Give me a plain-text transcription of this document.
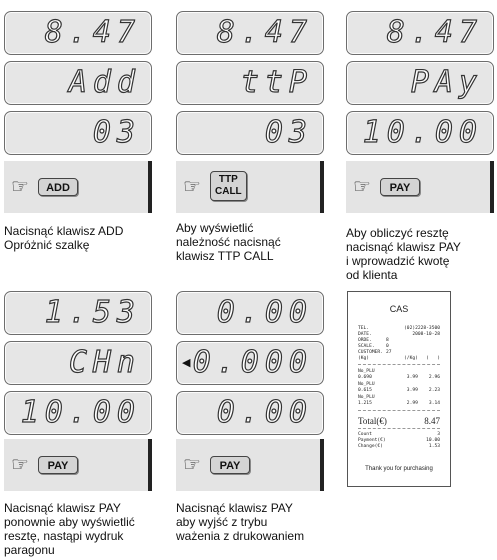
8.47
Add
03
☞	ADD
Nacisnąć klawisz ADD
Opróżnić szalkę
8.47
ttP
03
☞	TTP
CALL
Aby wyświetlić
należność nacisnąć
klawisz TTP CALL
8.47
PAy
10.00
☞	PAY
Aby obliczyć resztę
nacisnąć klawisz PAY
i wprowadzić kwotę
od klienta
1.53
CHn
10.00
☞	PAY
Nacisnąć klawisz PAY
ponownie aby wyświetlić
resztę, nastąpi wydruk
paragonu
0.00
◀ 0.000
0.00
☞	PAY
Nacisnąć klawisz PAY
aby wyjść z trybu
ważenia z drukowaniem
CAS
TEL.	(02)2228-3500
DATE.	2008-10-28
ORDE.	8
SCALE. 0
CUSTOMER. 27
(Kg)	(/Kg)   (   )
No_PLU
0.690	3.99    2.96
No_PLU
0.615	3.99    2.23
No_PLU
1.215	2.99    3.14
Total(€)	8.47
Count	3
Payment(€)	10.00
Change(€)	1.53
Thank you for purchasing
